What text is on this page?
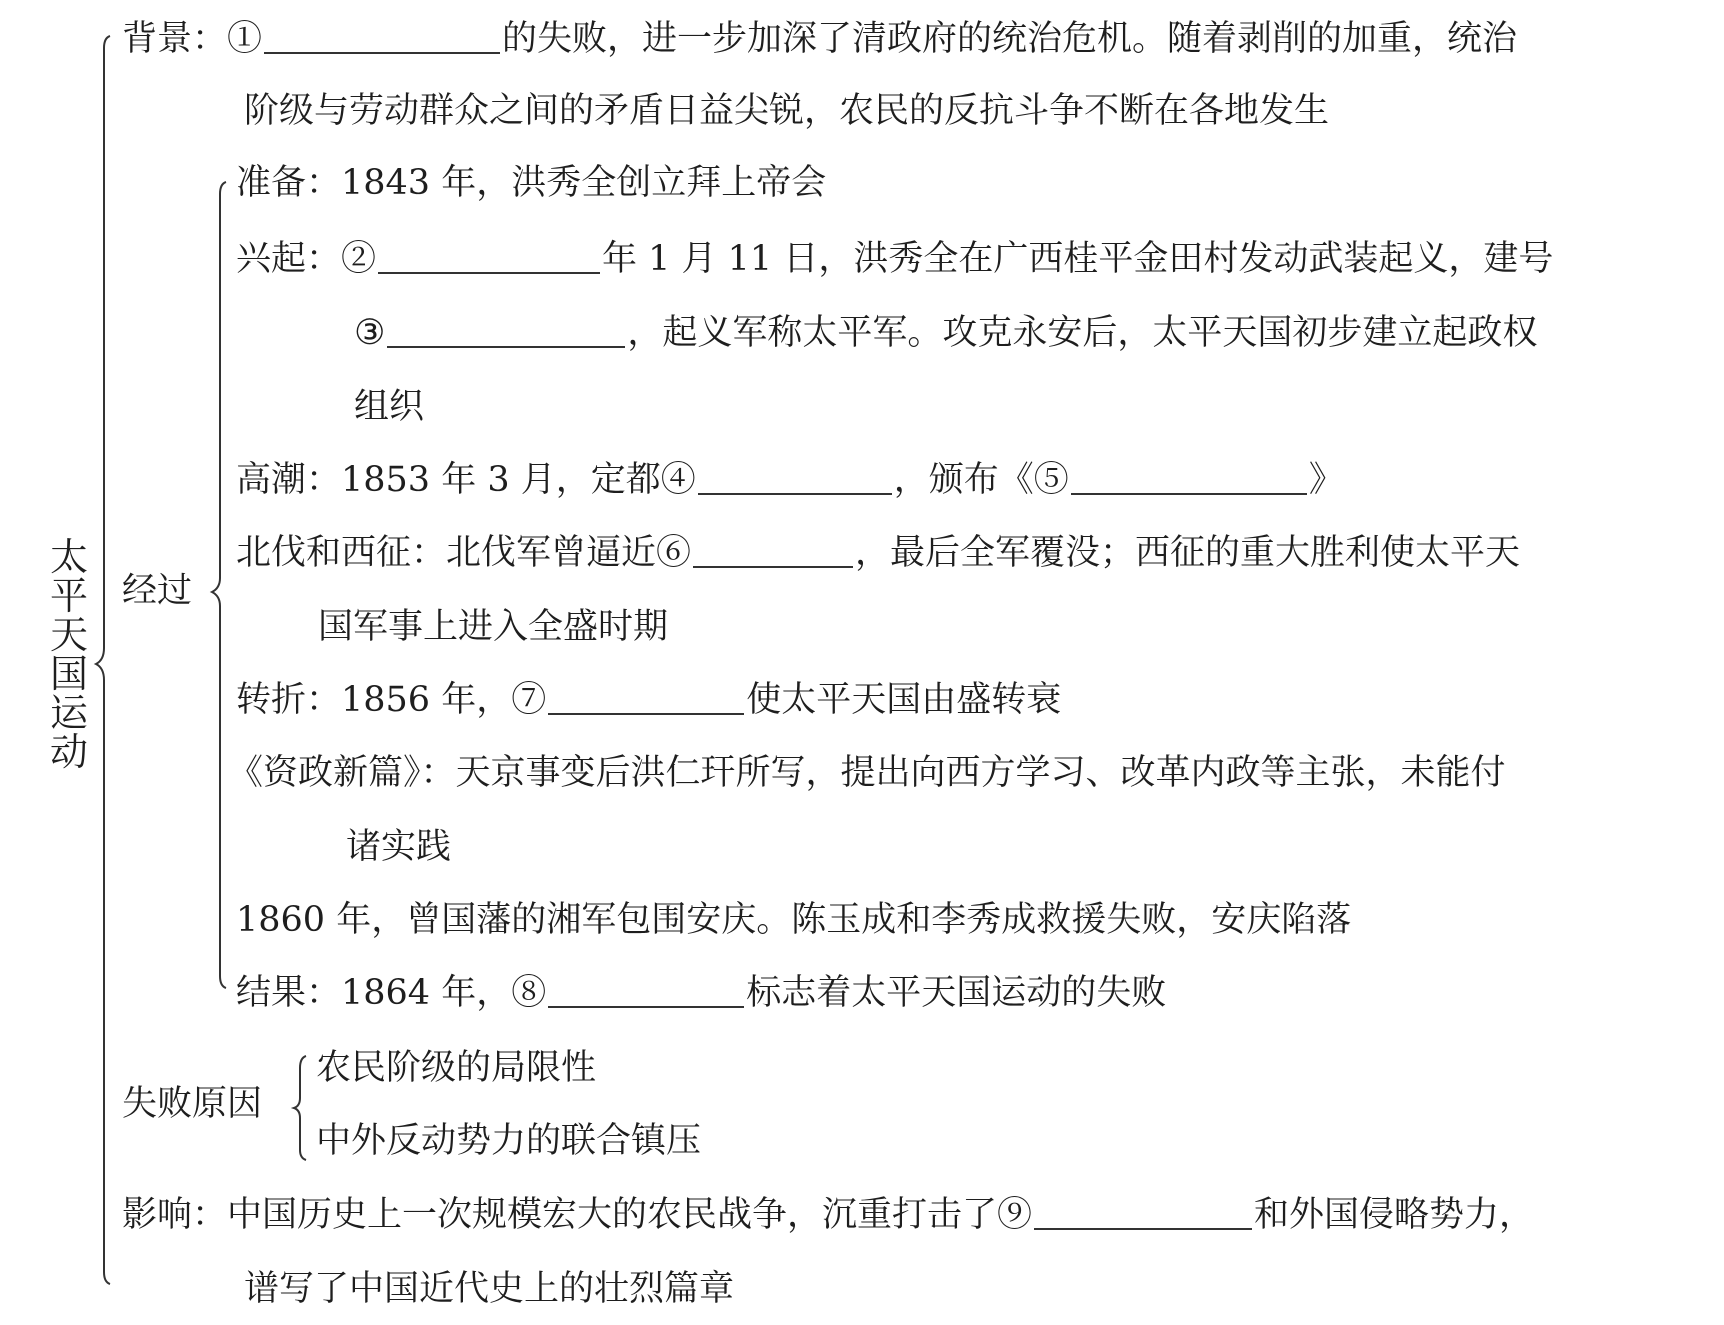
太
平
天
国
运
动
背景：①	的失败，进一步加深了清政府的统治危机。随着剥削的加重，统治
阶级与劳动群众之间的矛盾日益尖锐，农民的反抗斗争不断在各地发生
经过
准备：1843 年，洪秀全创立拜上帝会
兴起：②	年 1 月 11 日，洪秀全在广西桂平金田村发动武装起义，建号
③	，起义军称太平军。攻克永安后，太平天国初步建立起政权
组织
高潮：1853 年 3 月，定都④	，颁布《⑤	》
北伐和西征：北伐军曾逼近⑥	，最后全军覆没；西征的重大胜利使太平天
国军事上进入全盛时期
转折：1856 年，⑦	使太平天国由盛转衰
《资政新篇》：天京事变后洪仁玕所写，提出向西方学习、改革内政等主张，未能付
诸实践
1860 年，曾国藩的湘军包围安庆。陈玉成和李秀成救援失败，安庆陷落
结果：1864 年，⑧	标志着太平天国运动的失败
失败原因
农民阶级的局限性
中外反动势力的联合镇压
影响：中国历史上一次规模宏大的农民战争，沉重打击了⑨	和外国侵略势力，
谱写了中国近代史上的壮烈篇章
